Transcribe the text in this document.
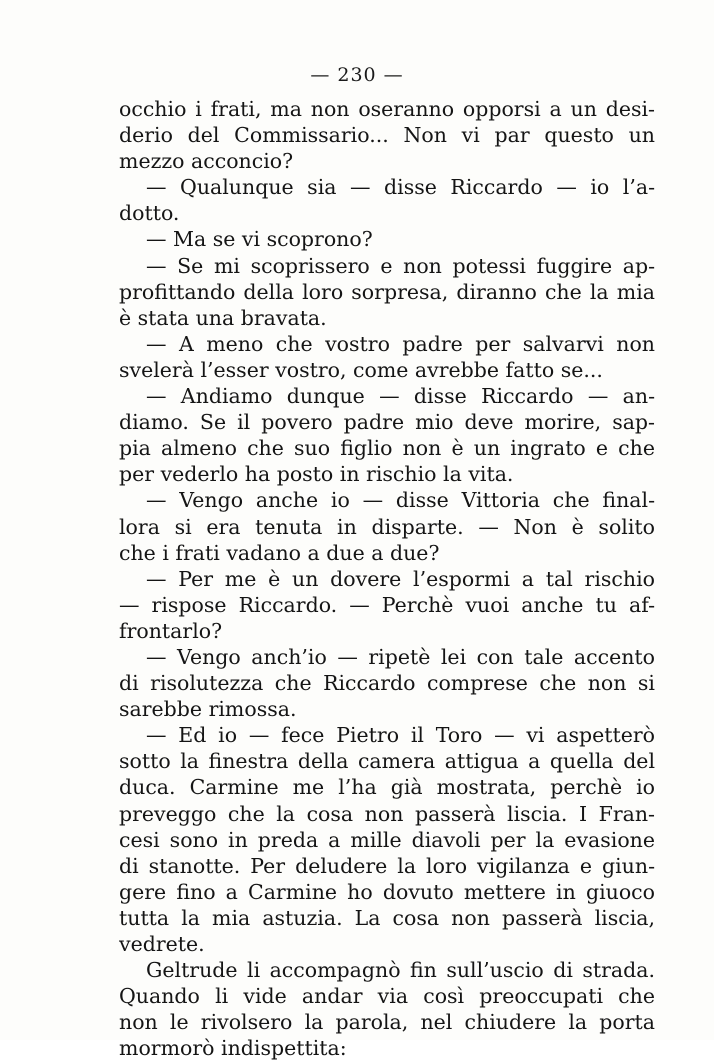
— 230 —
occhio i frati, ma non oseranno opporsi a un desi-
derio del Commissario... Non vi par questo un
mezzo acconcio?
— Qualunque sia — disse Riccardo — io l’a-
dotto.
— Ma se vi scoprono?
— Se mi scoprissero e non potessi fuggire ap-
profittando della loro sorpresa, diranno che la mia
è stata una bravata.
— A meno che vostro padre per salvarvi non
svelerà l’esser vostro, come avrebbe fatto se...
— Andiamo dunque — disse Riccardo — an-
diamo. Se il povero padre mio deve morire, sap-
pia almeno che suo figlio non è un ingrato e che
per vederlo ha posto in rischio la vita.
— Vengo anche io — disse Vittoria che final-
lora si era tenuta in disparte. — Non è solito
che i frati vadano a due a due?
— Per me è un dovere l’espormi a tal rischio
— rispose Riccardo. — Perchè vuoi anche tu af-
frontarlo?
— Vengo anch’io — ripetè lei con tale accento
di risolutezza che Riccardo comprese che non si
sarebbe rimossa.
— Ed io — fece Pietro il Toro — vi aspetterò
sotto la finestra della camera attigua a quella del
duca. Carmine me l’ha già mostrata, perchè io
preveggo che la cosa non passerà liscia. I Fran-
cesi sono in preda a mille diavoli per la evasione
di stanotte. Per deludere la loro vigilanza e giun-
gere fino a Carmine ho dovuto mettere in giuoco
tutta la mia astuzia. La cosa non passerà liscia,
vedrete.
Geltrude li accompagnò fin sull’uscio di strada.
Quando li vide andar via così preoccupati che
non le rivolsero la parola, nel chiudere la porta
mormorò indispettita:
